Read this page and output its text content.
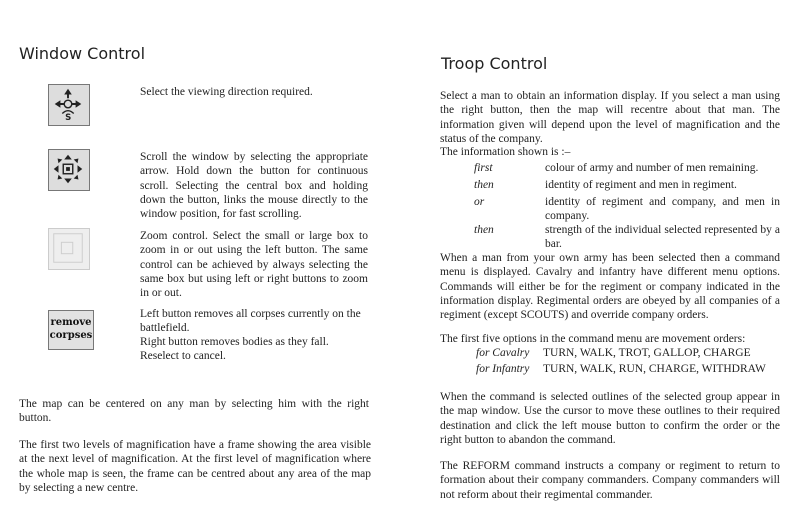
Window Control
S

Select the viewing direction required.

Scroll the window by selecting the appropriate arrow. Hold down the button for continuous scroll. Selecting the central box and holding down the button, links the mouse directly to the window position, for fast scrolling.

Zoom control. Select the small or large box to zoom in or out using the left button. The same control can be achieved by always selecting the same box but using left or right buttons to zoom in or out.

remove
corpses

Left button removes all corpses currently on the battlefield.

Right button removes bodies as they fall. Reselect to cancel.

The map can be centered on any man by selecting him with the right button.

The first two levels of magnification have a frame showing the area visible at the next level of magnification. At the first level of magnification where the whole map is seen, the frame can be centred about any area of the map by selecting a new centre.

Troop Control

Select a man to obtain an information display. If you select a man using the right button, then the map will recentre about that man. The information given will depend upon the level of magnification and the status of the company.

The information shown is :–

first	colour of army and number of men remaining.
then	identity of regiment and men in regiment.
or	identity of regiment and company, and men in company.
then	strength of the individual selected represented by a bar.

When a man from your own army has been selected then a command menu is displayed. Cavalry and infantry have different menu options. Commands will either be for the regiment or company indicated in the information display. Regimental orders are obeyed by all companies of a regiment (except SCOUTS) and override company orders.

The first five options in the command menu are movement orders:

for Cavalry TURN, WALK, TROT, GALLOP, CHARGE
for Infantry TURN, WALK, RUN, CHARGE, WITHDRAW

When the command is selected outlines of the selected group appear in the map window. Use the cursor to move these outlines to their required destination and click the left mouse button to confirm the order or the right button to abandon the command.

The REFORM command instructs a company or regiment to return to formation about their company commanders. Company commanders will not reform about their regimental commander.
